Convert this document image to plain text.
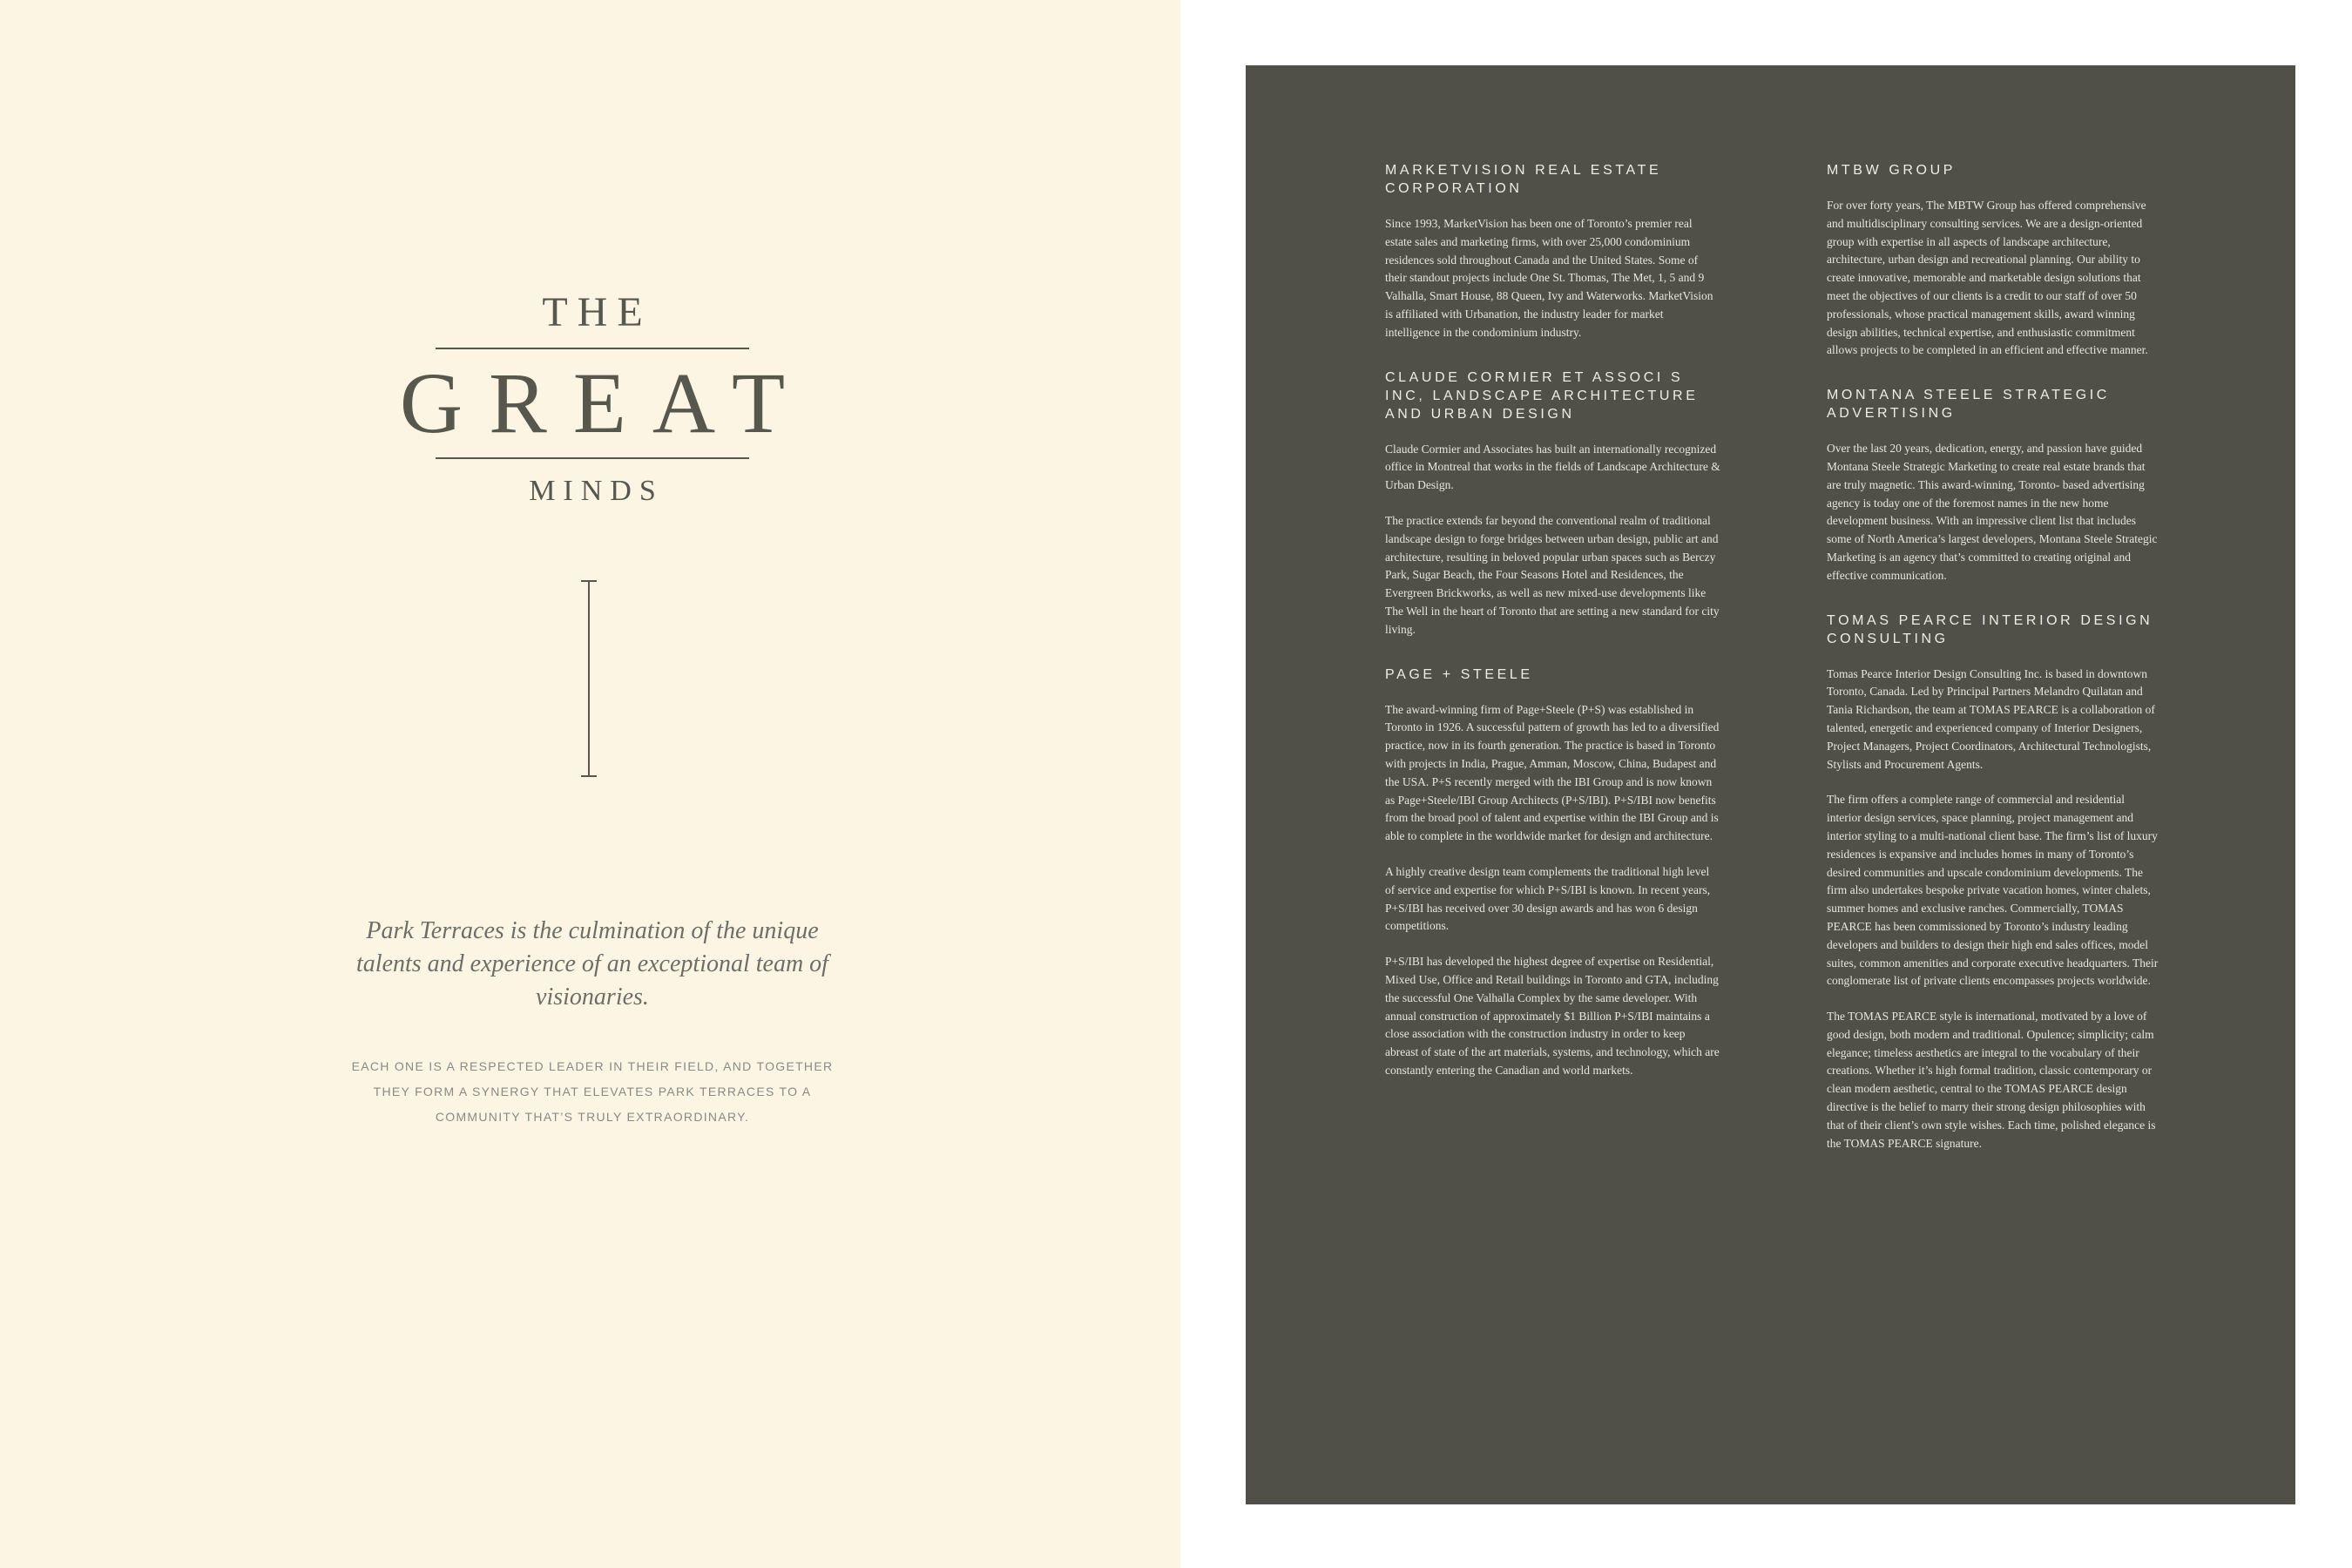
THE
GREAT
MINDS

Park Terraces is the culmination of the unique talents and experience of an exceptional team of visionaries.

EACH ONE IS A RESPECTED LEADER IN THEIR FIELD, AND TOGETHER THEY FORM A SYNERGY THAT ELEVATES PARK TERRACES TO A COMMUNITY THAT’S TRULY EXTRAORDINARY.

MARKETVISION REAL ESTATE CORPORATION

Since 1993, MarketVision has been one of Toronto’s premier real estate sales and marketing firms, with over 25,000 condominium residences sold throughout Canada and the United States. Some of their standout projects include One St. Thomas, The Met, 1, 5 and 9 Valhalla, Smart House, 88 Queen, Ivy and Waterworks. MarketVision is affiliated with Urbanation, the industry leader for market intelligence in the condominium industry.

CLAUDE CORMIER ET ASSOCI S INC, LANDSCAPE ARCHITECTURE AND URBAN DESIGN

Claude Cormier and Associates has built an internationally recognized office in Montreal that works in the fields of Landscape Architecture & Urban Design.

The practice extends far beyond the conventional realm of traditional landscape design to forge bridges between urban design, public art and architecture, resulting in beloved popular urban spaces such as Berczy Park, Sugar Beach, the Four Seasons Hotel and Residences, the Evergreen Brickworks, as well as new mixed-use developments like The Well in the heart of Toronto that are setting a new standard for city living.

PAGE + STEELE

The award-winning firm of Page+Steele (P+S) was established in Toronto in 1926. A successful pattern of growth has led to a diversified practice, now in its fourth generation. The practice is based in Toronto with projects in India, Prague, Amman, Moscow, China, Budapest and the USA. P+S recently merged with the IBI Group and is now known as Page+Steele/IBI Group Architects (P+S/IBI). P+S/IBI now benefits from the broad pool of talent and expertise within the IBI Group and is able to complete in the worldwide market for design and architecture.

A highly creative design team complements the traditional high level of service and expertise for which P+S/IBI is known. In recent years, P+S/IBI has received over 30 design awards and has won 6 design competitions.

P+S/IBI has developed the highest degree of expertise on Residential, Mixed Use, Office and Retail buildings in Toronto and GTA, including the successful One Valhalla Complex by the same developer. With annual construction of approximately $1 Billion P+S/IBI maintains a close association with the construction industry in order to keep abreast of state of the art materials, systems, and technology, which are constantly entering the Canadian and world markets.

MTBW GROUP

For over forty years, The MBTW Group has offered comprehensive and multidisciplinary consulting services. We are a design-oriented group with expertise in all aspects of landscape architecture, architecture, urban design and recreational planning. Our ability to create innovative, memorable and marketable design solutions that meet the objectives of our clients is a credit to our staff of over 50 professionals, whose practical management skills, award winning design abilities, technical expertise, and enthusiastic commitment allows projects to be completed in an efficient and effective manner.

MONTANA STEELE STRATEGIC ADVERTISING

Over the last 20 years, dedication, energy, and passion have guided Montana Steele Strategic Marketing to create real estate brands that are truly magnetic. This award-winning, Toronto- based advertising agency is today one of the foremost names in the new home development business. With an impressive client list that includes some of North America’s largest developers, Montana Steele Strategic Marketing is an agency that’s committed to creating original and effective communication.

TOMAS PEARCE INTERIOR DESIGN CONSULTING

Tomas Pearce Interior Design Consulting Inc. is based in downtown Toronto, Canada. Led by Principal Partners Melandro Quilatan and Tania Richardson, the team at TOMAS PEARCE is a collaboration of talented, energetic and experienced company of Interior Designers, Project Managers, Project Coordinators, Architectural Technologists, Stylists and Procurement Agents.

The firm offers a complete range of commercial and residential interior design services, space planning, project management and interior styling to a multi-national client base. The firm’s list of luxury residences is expansive and includes homes in many of Toronto’s desired communities and upscale condominium developments. The firm also undertakes bespoke private vacation homes, winter chalets, summer homes and exclusive ranches. Commercially, TOMAS PEARCE has been commissioned by Toronto’s industry leading developers and builders to design their high end sales offices, model suites, common amenities and corporate executive headquarters. Their conglomerate list of private clients encompasses projects worldwide.

The TOMAS PEARCE style is international, motivated by a love of good design, both modern and traditional. Opulence; simplicity; calm elegance; timeless aesthetics are integral to the vocabulary of their creations. Whether it’s high formal tradition, classic contemporary or clean modern aesthetic, central to the TOMAS PEARCE design directive is the belief to marry their strong design philosophies with that of their client’s own style wishes. Each time, polished elegance is the TOMAS PEARCE signature.
